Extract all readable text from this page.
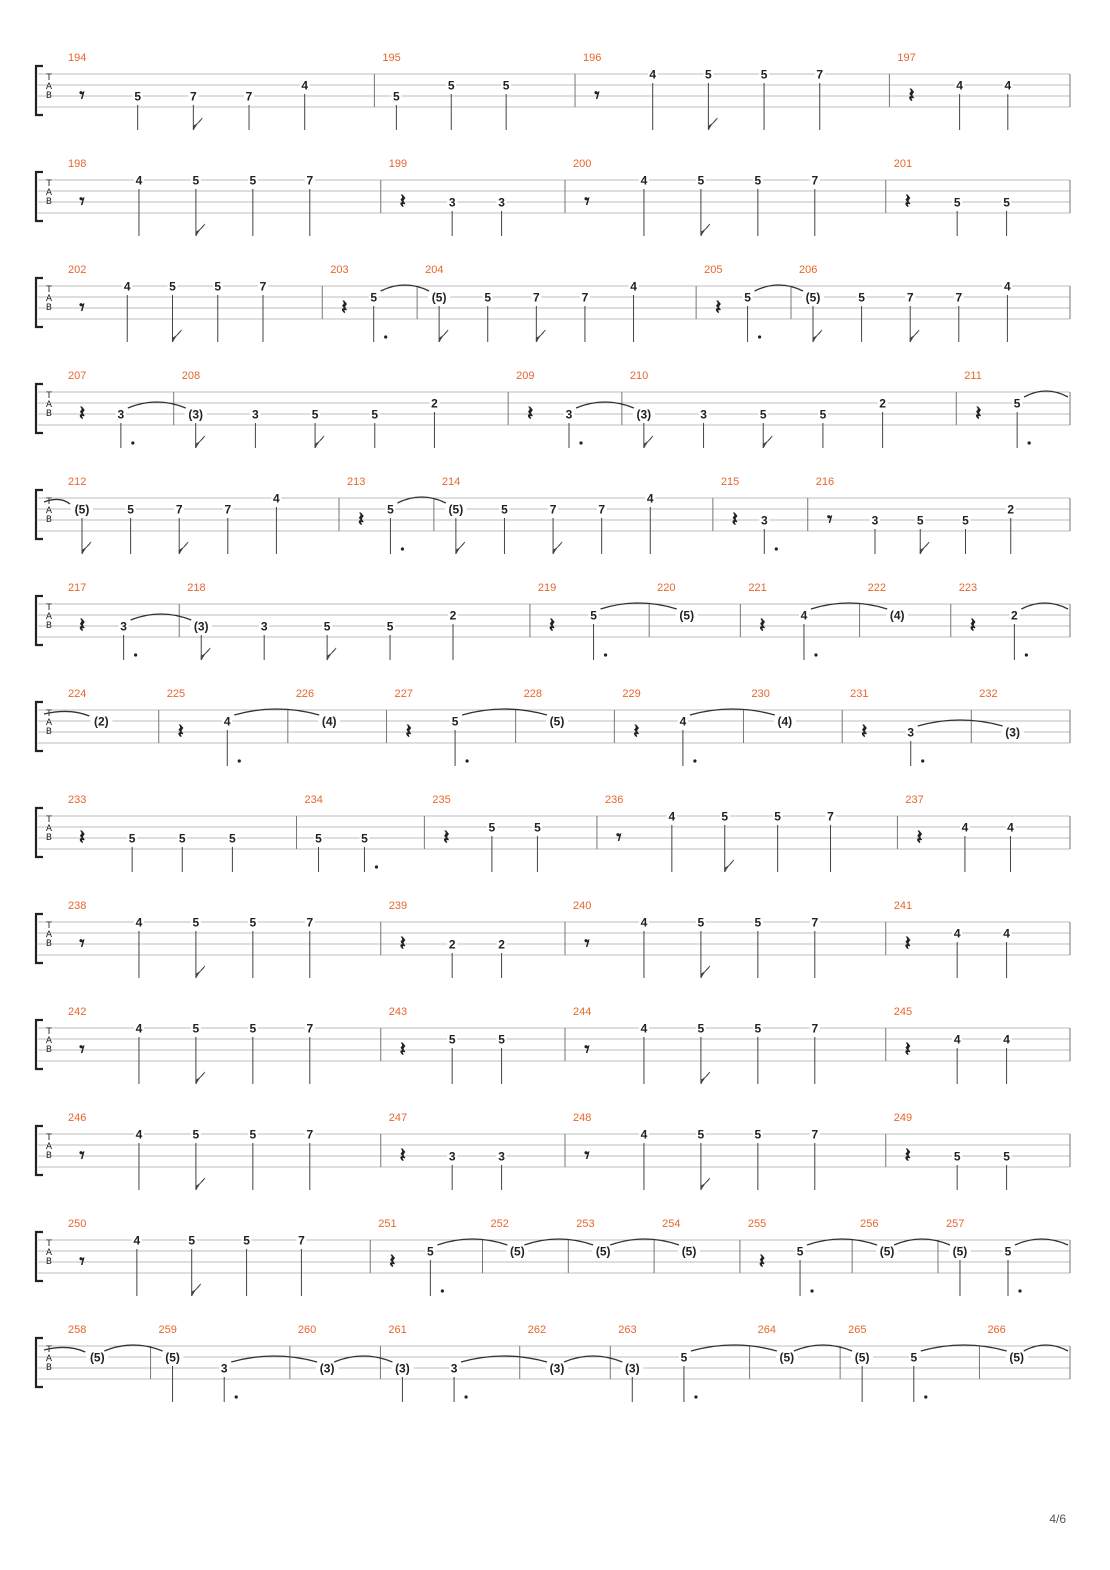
T
A
B
194
𝄾	5	7	7
4
195
5
5	5
196
𝄾
4	5	5	7
197
𝄽	4	4
T
A
B
198
𝄾
4	5	5	7
199
𝄽	3	3
200
𝄾
4	5	5	7
201
𝄽	5	5
T
A
B
202
𝄾
4	5	5	7
203
𝄽 5
204
(5)	5	7	7
4
205
𝄽 5
206
(5)	5	7	7
4
T
A
B
207
𝄽	3
208
(3)	3	5	5
2
209
𝄽	3
210
(3)	3	5	5
2
211
𝄽	5
T
A
B
212
(5)	5	7	7
4
213
𝄽 5
214
(5)	5	7	7
4
215
𝄽 3
216
𝄾	3	5	5
2
T
A
B
217
𝄽	3
218
(3)	3	5	5
2
219
𝄽	5
220
(5)
221
𝄽	4
222
(4)
223
𝄽	2
T
A
B
224
(2)
225
𝄽	4
226
(4)
227
𝄽	5
228
(5)
229
𝄽	4
230
(4)
231
𝄽	3
232
(3)
T
A
B
233
𝄽	5	5	5
234
5	5
235
𝄽	5	5
236
𝄾
4	5	5	7
237
𝄽	4	4
T
A
B
238
𝄾
4	5	5	7
239
𝄽	2	2
240
𝄾
4	5	5	7
241
𝄽	4	4
T
A
B
242
𝄾
4	5	5	7
243
𝄽	5	5
244
𝄾
4	5	5	7
245
𝄽	4	4
T
A
B
246
𝄾
4	5	5	7
247
𝄽	3	3
248
𝄾
4	5	5	7
249
𝄽	5	5
T
A
B
250
𝄾
4	5	5	7
251
𝄽	5
252
(5)
253
(5)
254
(5)
255
𝄽	5
256
(5)
257
(5)	5
T
A
B
258
(5)
259
(5)
3
260
(3)
261
(3)	3
262
(3)
263
(3)
5
264
(5)
265
(5)	5
266
(5)
4/6
